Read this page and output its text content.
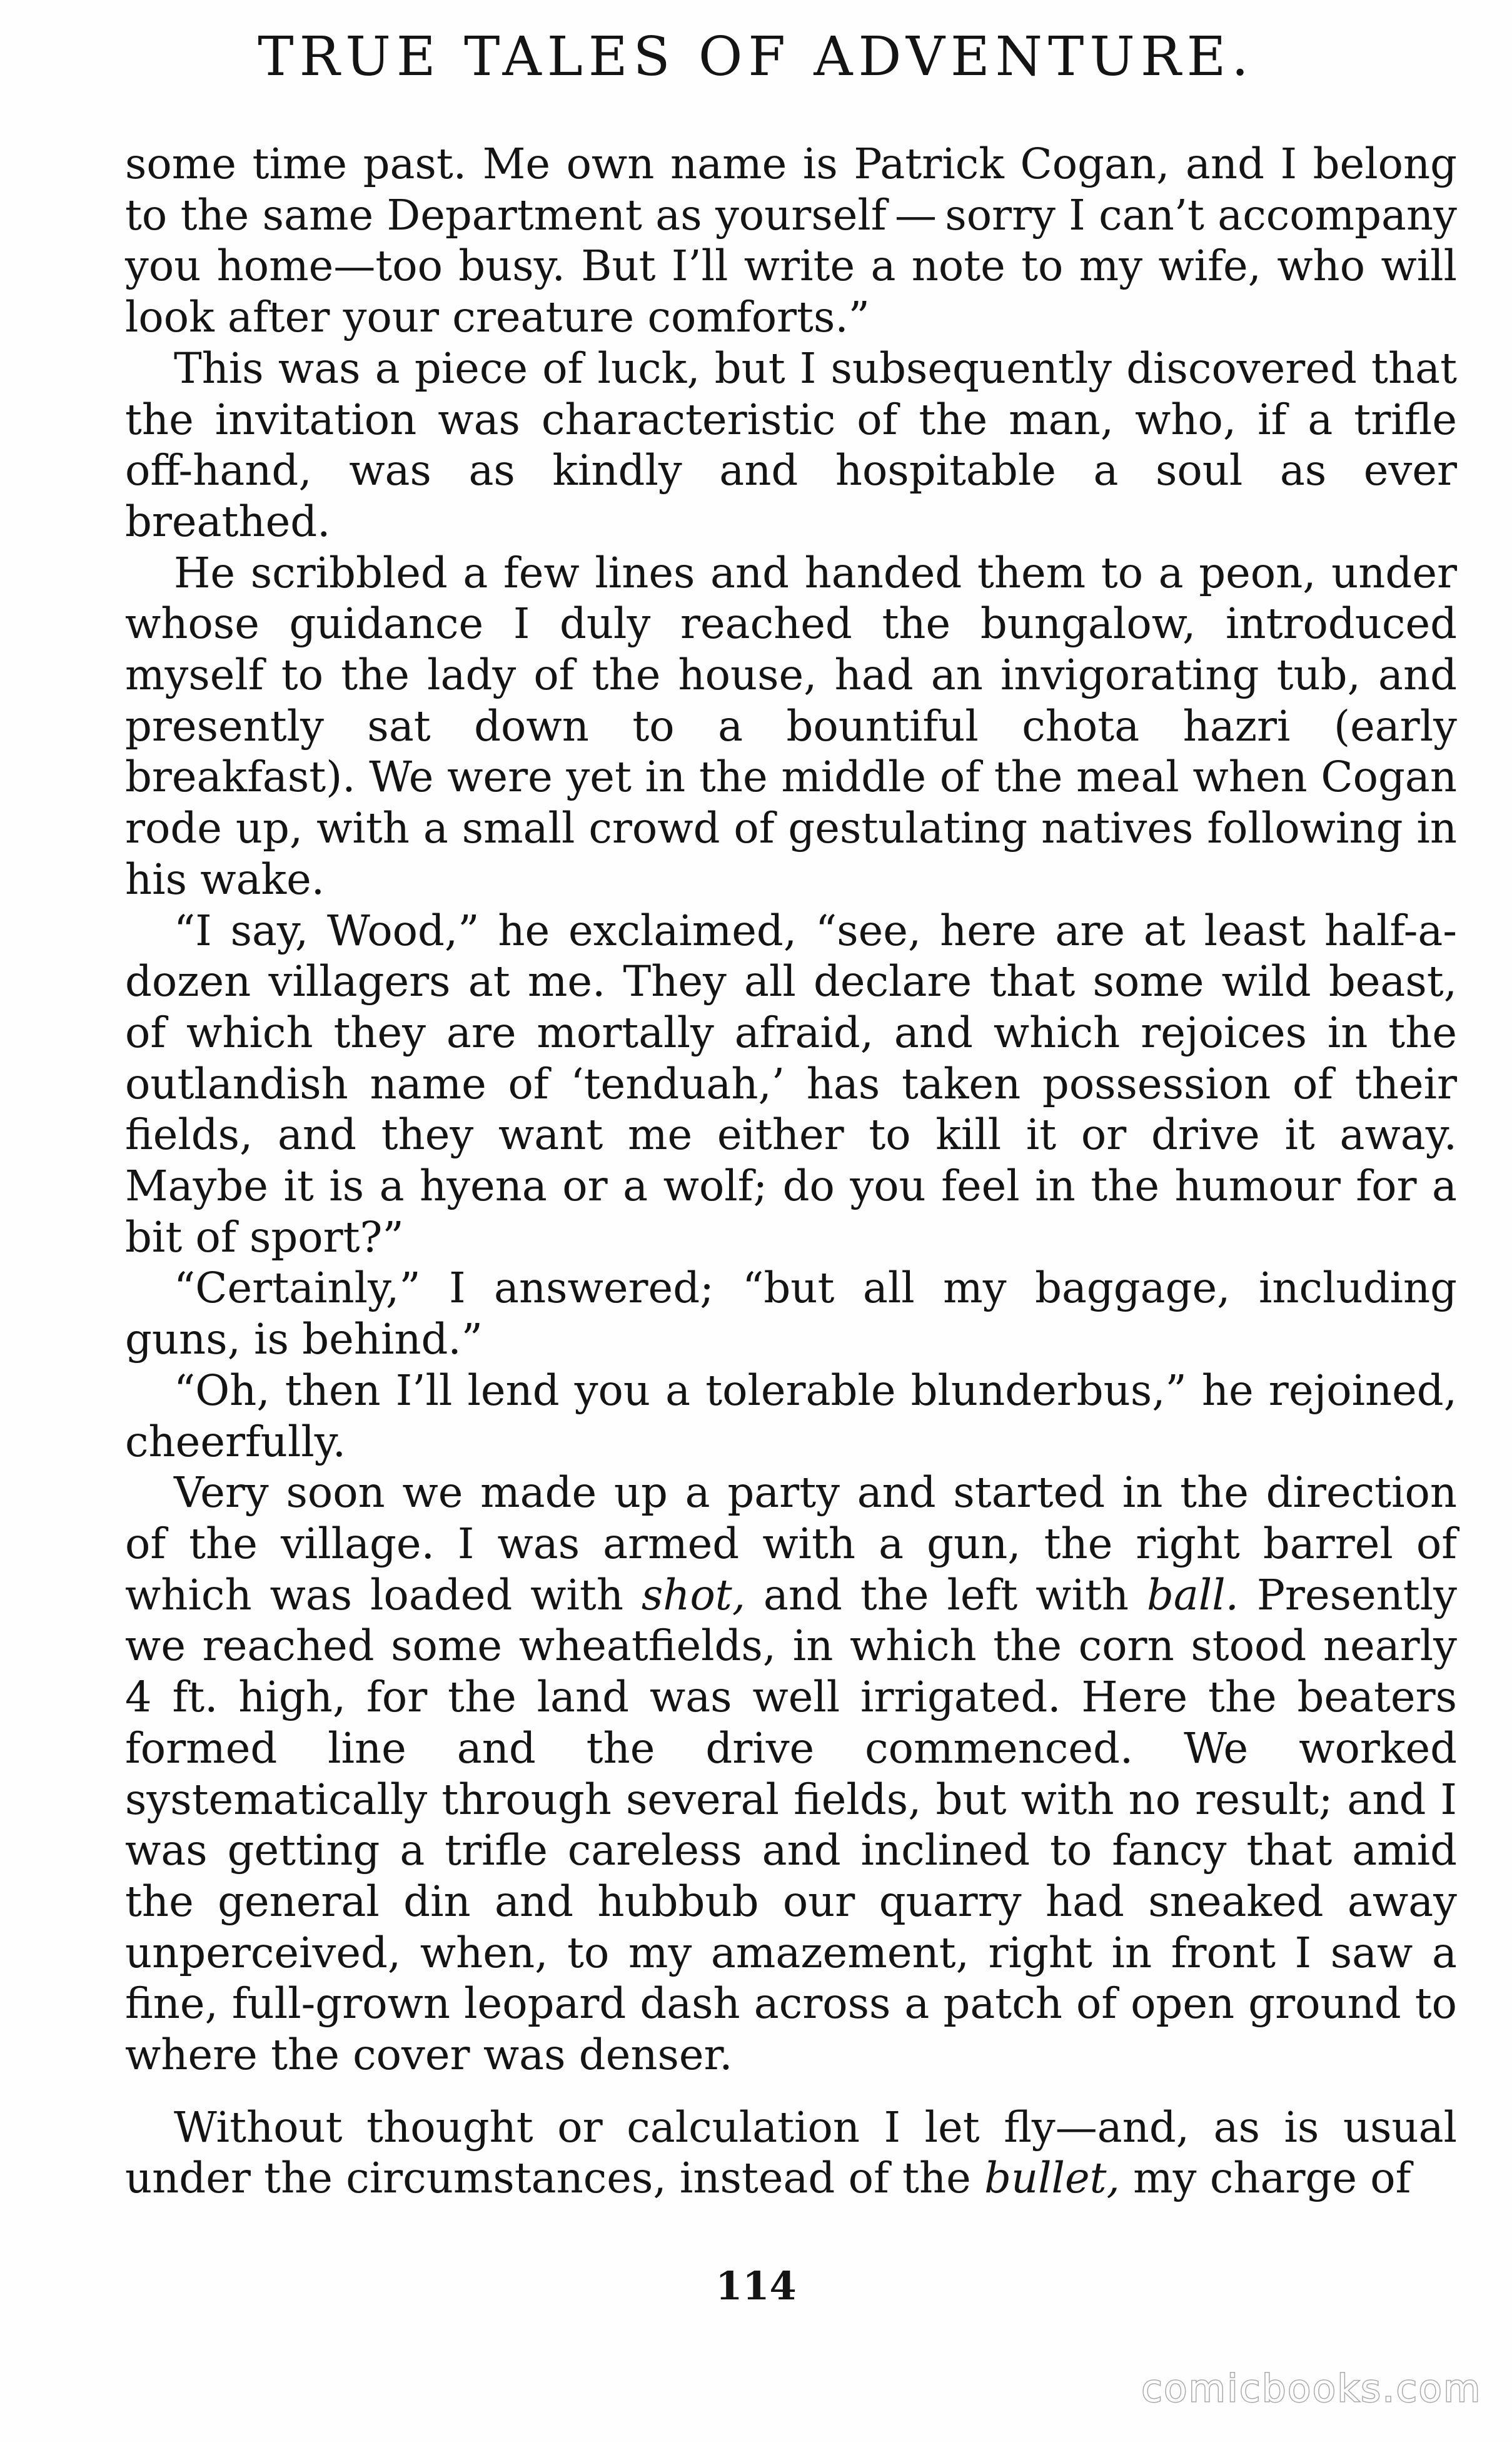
TRUE TALES OF ADVENTURE.

some time past. Me own name is Patrick Cogan, and I belong to the same Department as yourself — sorry I can’t accompany you home—too busy. But I’ll write a note to my wife, who will look after your creature comforts.”

This was a piece of luck, but I subsequently discovered that the invitation was characteristic of the man, who, if a trifle off-hand, was as kindly and hospitable a soul as ever breathed.

He scribbled a few lines and handed them to a peon, under whose guidance I duly reached the bungalow, introduced myself to the lady of the house, had an invigorating tub, and presently sat down to a bountiful chota hazri (early breakfast). We were yet in the middle of the meal when Cogan rode up, with a small crowd of gestulating natives following in his wake.

“I say, Wood,” he exclaimed, “see, here are at least half-a-dozen villagers at me. They all declare that some wild beast, of which they are mortally afraid, and which rejoices in the outlandish name of ‘tenduah,’ has taken possession of their fields, and they want me either to kill it or drive it away. Maybe it is a hyena or a wolf; do you feel in the humour for a bit of sport?”

“Certainly,” I answered; “but all my baggage, including guns, is behind.”

“Oh, then I’ll lend you a tolerable blunderbus,” he rejoined, cheerfully.

Very soon we made up a party and started in the direction of the village. I was armed with a gun, the right barrel of which was loaded with shot, and the left with ball. Presently we reached some wheatfields, in which the corn stood nearly 4 ft. high, for the land was well irrigated. Here the beaters formed line and the drive commenced. We worked systematically through several fields, but with no result; and I was getting a trifle careless and inclined to fancy that amid the general din and hubbub our quarry had sneaked away unperceived, when, to my amazement, right in front I saw a fine, full-grown leopard dash across a patch of open ground to where the cover was denser.

Without thought or calculation I let fly—and, as is usual under the circumstances, instead of the bullet, my charge of

114
comicbooks.com
